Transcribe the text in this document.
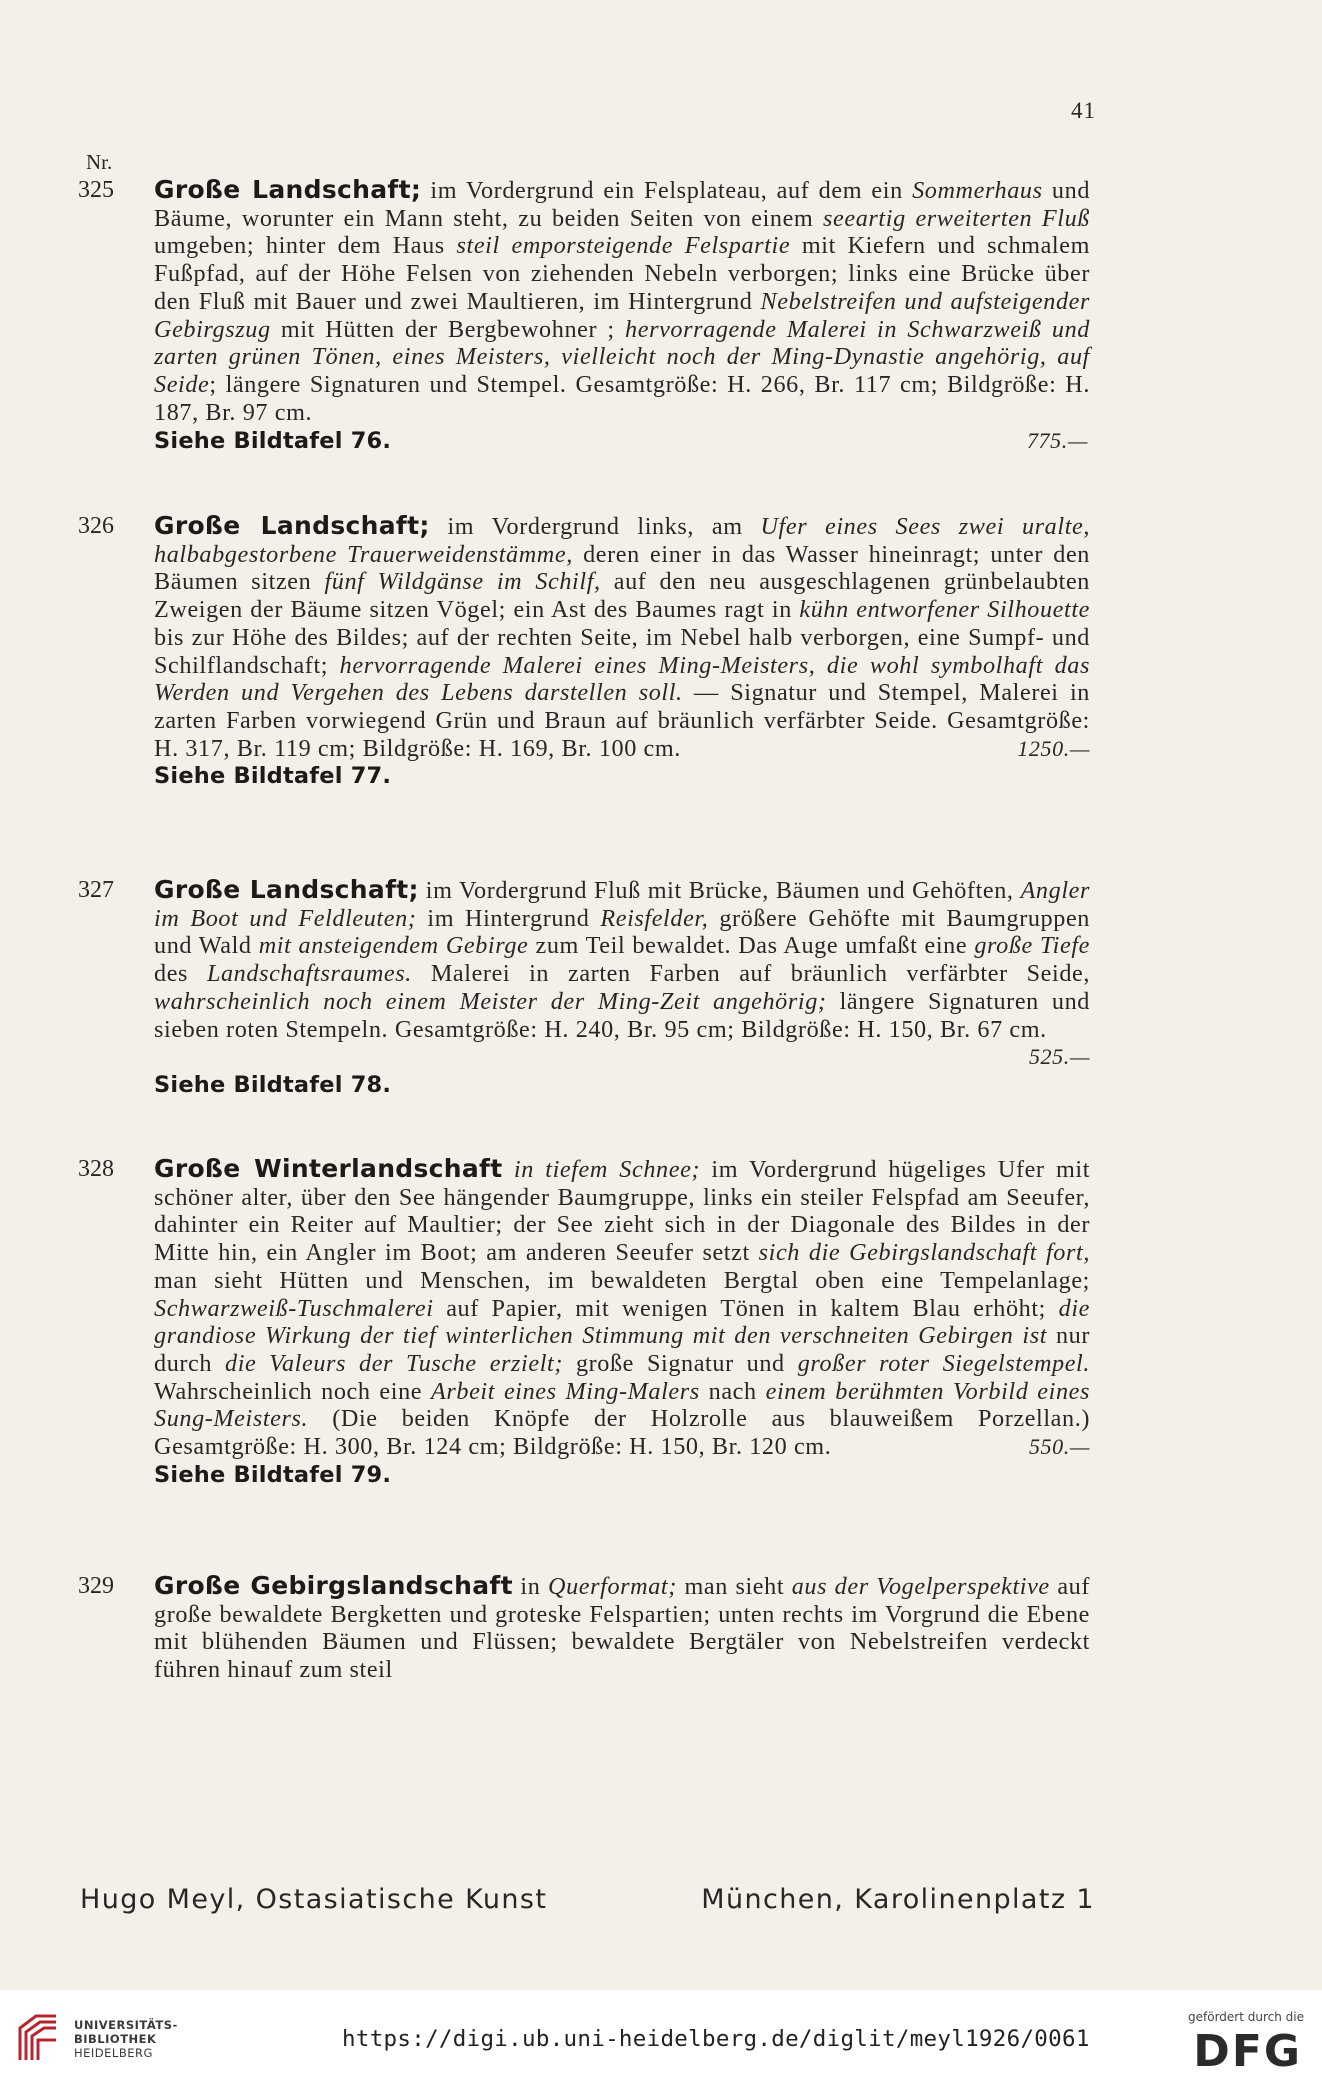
41
Nr.
325 Große Landschaft; im Vordergrund ein Felsplateau, auf dem ein Sommerhaus und Bäume, worunter ein Mann steht, zu beiden Seiten von einem seeartig erweiterten Fluß umgeben; hinter dem Haus steil emporsteigende Felspartie mit Kiefern und schmalem Fußpfad, auf der Höhe Felsen von ziehenden Nebeln verborgen; links eine Brücke über den Fluß mit Bauer und zwei Maultieren, im Hintergrund Nebelstreifen und aufsteigender Gebirgszug mit Hütten der Bergbewohner ; hervorragende Malerei in Schwarzweiß und zarten grünen Tönen, eines Meisters, vielleicht noch der Ming-Dynastie angehörig, auf Seide; längere Signaturen und Stempel. Gesamtgröße: H. 266, Br. 117 cm; Bildgröße: H. 187, Br. 97 cm.
Siehe Bildtafel 76.	775.—
326 Große Landschaft; im Vordergrund links, am Ufer eines Sees zwei uralte, halbabgestorbene Trauerweidenstämme, deren einer in das Wasser hineinragt; unter den Bäumen sitzen fünf Wildgänse im Schilf, auf den neu ausgeschlagenen grünbelaubten Zweigen der Bäume sitzen Vögel; ein Ast des Baumes ragt in kühn entworfener Silhouette bis zur Höhe des Bildes; auf der rechten Seite, im Nebel halb verborgen, eine Sumpf- und Schilflandschaft; hervorragende Malerei eines Ming-Meisters, die wohl symbolhaft das Werden und Vergehen des Lebens darstellen soll. — Signatur und Stempel, Malerei in zarten Farben vorwiegend Grün und Braun auf bräunlich verfärbter Seide. Gesamtgröße: H. 317, Br. 119 cm; Bildgröße: H. 169, Br. 100 cm.	1250.—
Siehe Bildtafel 77.
327 Große Landschaft; im Vordergrund Fluß mit Brücke, Bäumen und Gehöften, Angler im Boot und Feldleuten; im Hintergrund Reisfelder, größere Gehöfte mit Baumgruppen und Wald mit ansteigendem Gebirge zum Teil bewaldet. Das Auge umfaßt eine große Tiefe des Landschaftsraumes. Malerei in zarten Farben auf bräunlich verfärbter Seide, wahrscheinlich noch einem Meister der Ming-Zeit angehörig; längere Signaturen und sieben roten Stempeln. Gesamtgröße: H. 240, Br. 95 cm; Bildgröße: H. 150, Br. 67 cm.
525.—
Siehe Bildtafel 78.
328 Große Winterlandschaft in tiefem Schnee; im Vordergrund hügeliges Ufer mit schöner alter, über den See hängender Baumgruppe, links ein steiler Felspfad am Seeufer, dahinter ein Reiter auf Maultier; der See zieht sich in der Diagonale des Bildes in der Mitte hin, ein Angler im Boot; am anderen Seeufer setzt sich die Gebirgslandschaft fort, man sieht Hütten und Menschen, im bewaldeten Bergtal oben eine Tempelanlage; Schwarzweiß-Tuschmalerei auf Papier, mit wenigen Tönen in kaltem Blau erhöht; die grandiose Wirkung der tief winterlichen Stimmung mit den verschneiten Gebirgen ist nur durch die Valeurs der Tusche erzielt; große Signatur und großer roter Siegelstempel. Wahrscheinlich noch eine Arbeit eines Ming-Malers nach einem berühmten Vorbild eines Sung-Meisters. (Die beiden Knöpfe der Holzrolle aus blauweißem Porzellan.) Gesamtgröße: H. 300, Br. 124 cm; Bildgröße: H. 150, Br. 120 cm.	550.—
Siehe Bildtafel 79.
329 Große Gebirgslandschaft in Querformat; man sieht aus der Vogelperspektive auf große bewaldete Bergketten und groteske Felspartien; unten rechts im Vorgrund die Ebene mit blühenden Bäumen und Flüssen; bewaldete Bergtäler von Nebelstreifen verdeckt führen hinauf zum steil
Hugo Meyl, Ostasiatische Kunst	München, Karolinenplatz 1
UNIVERSITÄTS-
BIBLIOTHEK
HEIDELBERG
https://digi.ub.uni-heidelberg.de/diglit/meyl1926/0061
gefördert durch die
DFG
